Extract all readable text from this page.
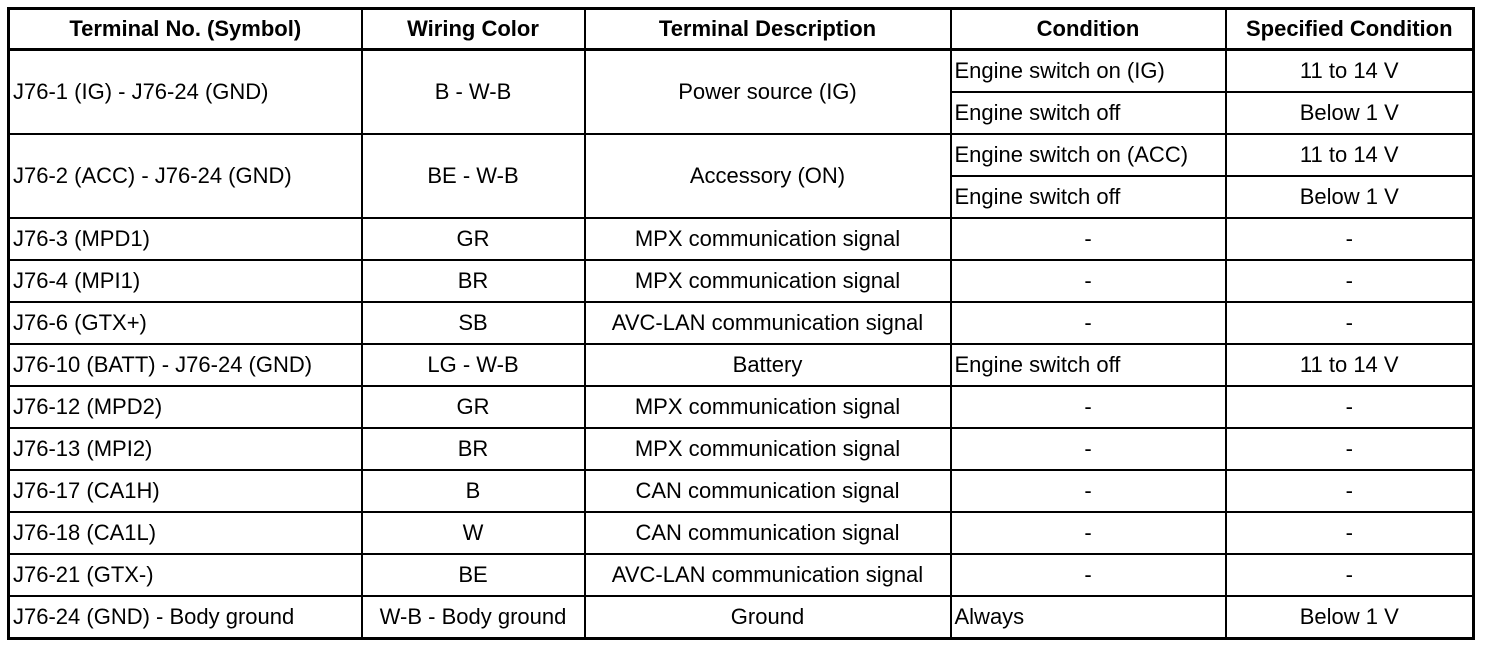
Terminal No. (Symbol)	Wiring Color	Terminal Description	Condition	Specified Condition
J76-1 (IG) - J76-24 (GND)	B - W-B	Power source (IG)	Engine switch on (IG)	11 to 14 V
			Engine switch off	Below 1 V
J76-2 (ACC) - J76-24 (GND)	BE - W-B	Accessory (ON)	Engine switch on (ACC)	11 to 14 V
			Engine switch off	Below 1 V
J76-3 (MPD1)	GR	MPX communication signal	-	-
J76-4 (MPI1)	BR	MPX communication signal	-	-
J76-6 (GTX+)	SB	AVC-LAN communication signal	-	-
J76-10 (BATT) - J76-24 (GND)	LG - W-B	Battery	Engine switch off	11 to 14 V
J76-12 (MPD2)	GR	MPX communication signal	-	-
J76-13 (MPI2)	BR	MPX communication signal	-	-
J76-17 (CA1H)	B	CAN communication signal	-	-
J76-18 (CA1L)	W	CAN communication signal	-	-
J76-21 (GTX-)	BE	AVC-LAN communication signal	-	-
J76-24 (GND) - Body ground	W-B - Body ground	Ground	Always	Below 1 V
